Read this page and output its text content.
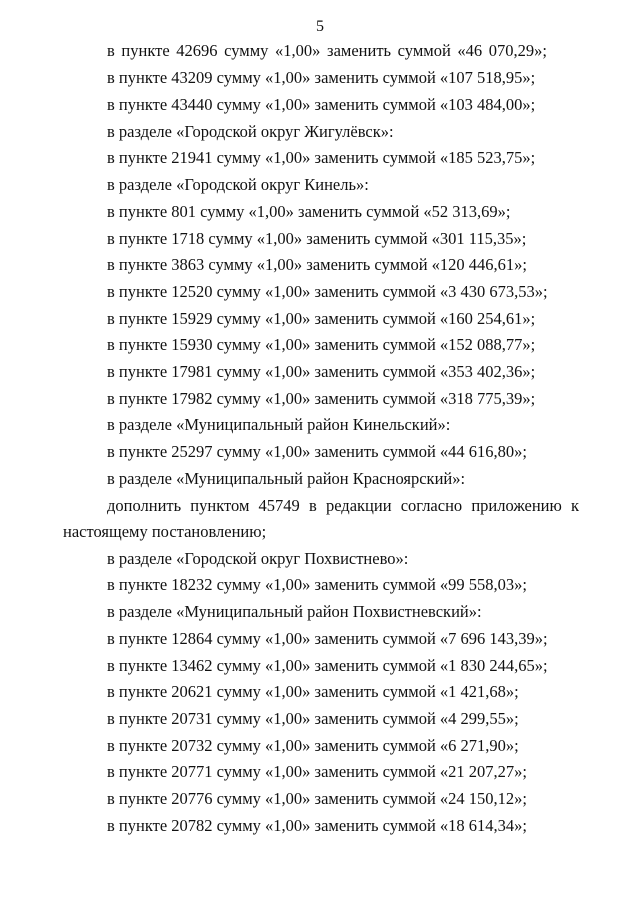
5
в пункте 42696 сумму «1,00» заменить суммой «46 070,29»;
в пункте 43209 сумму «1,00» заменить суммой «107 518,95»;
в пункте 43440 сумму «1,00» заменить суммой «103 484,00»;
в разделе «Городской округ Жигулёвск»:
в пункте 21941 сумму «1,00» заменить суммой «185 523,75»;
в разделе «Городской округ Кинель»:
в пункте 801 сумму «1,00» заменить суммой «52 313,69»;
в пункте 1718 сумму «1,00» заменить суммой «301 115,35»;
в пункте 3863 сумму «1,00» заменить суммой «120 446,61»;
в пункте 12520 сумму «1,00» заменить суммой «3 430 673,53»;
в пункте 15929 сумму «1,00» заменить суммой «160 254,61»;
в пункте 15930 сумму «1,00» заменить суммой «152 088,77»;
в пункте 17981 сумму «1,00» заменить суммой «353 402,36»;
в пункте 17982 сумму «1,00» заменить суммой «318 775,39»;
в разделе «Муниципальный район Кинельский»:
в пункте 25297 сумму «1,00» заменить суммой «44 616,80»;
в разделе «Муниципальный район Красноярский»:
дополнить пунктом 45749 в редакции согласно приложению к
настоящему постановлению;
в разделе «Городской округ Похвистнево»:
в пункте 18232 сумму «1,00» заменить суммой «99 558,03»;
в разделе «Муниципальный район Похвистневский»:
в пункте 12864 сумму «1,00» заменить суммой «7 696 143,39»;
в пункте 13462 сумму «1,00» заменить суммой «1 830 244,65»;
в пункте 20621 сумму «1,00» заменить суммой «1 421,68»;
в пункте 20731 сумму «1,00» заменить суммой «4 299,55»;
в пункте 20732 сумму «1,00» заменить суммой «6 271,90»;
в пункте 20771 сумму «1,00» заменить суммой «21 207,27»;
в пункте 20776 сумму «1,00» заменить суммой «24 150,12»;
в пункте 20782 сумму «1,00» заменить суммой «18 614,34»;
